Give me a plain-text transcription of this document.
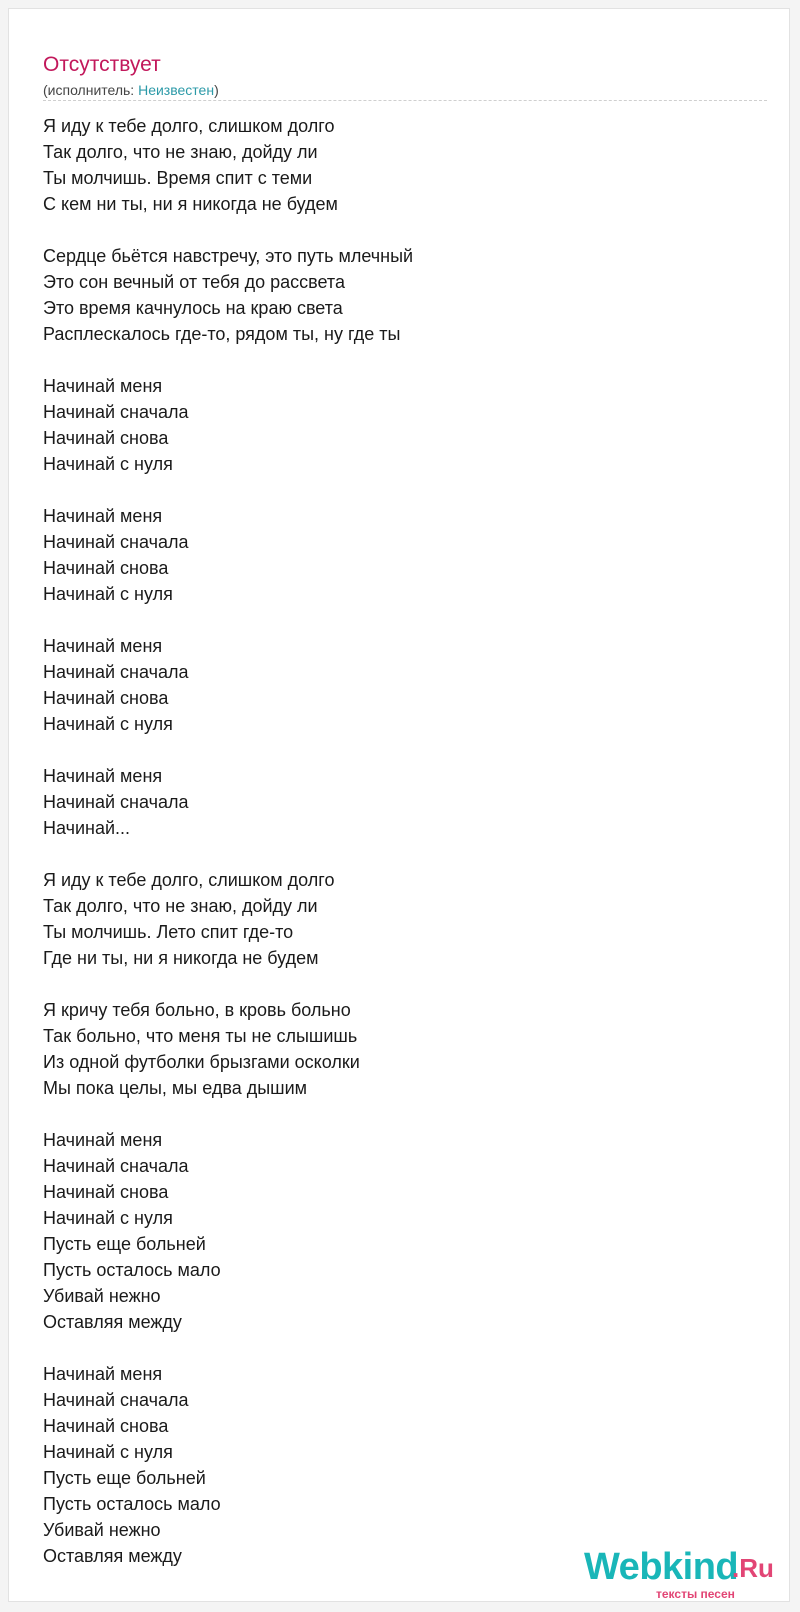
Отсутствует
(исполнитель: Неизвестен)
Я иду к тебе долго, слишком долго
Так долго, что не знаю, дойду ли
Ты молчишь. Время спит с теми
С кем ни ты, ни я никогда не будем
Сердце бьётся навстречу, это путь млечный
Это сон вечный от тебя до рассвета
Это время качнулось на краю света
Расплескалось где-то, рядом ты, ну где ты
Начинай меня
Начинай сначала
Начинай снова
Начинай с нуля
Начинай меня
Начинай сначала
Начинай снова
Начинай с нуля
Начинай меня
Начинай сначала
Начинай снова
Начинай с нуля
Начинай меня
Начинай сначала
Начинай...
Я иду к тебе долго, слишком долго
Так долго, что не знаю, дойду ли
Ты молчишь. Лето спит где-то
Где ни ты, ни я никогда не будем
Я кричу тебя больно, в кровь больно
Так больно, что меня ты не слышишь
Из одной футболки брызгами осколки
Мы пока целы, мы едва дышим
Начинай меня
Начинай сначала
Начинай снова
Начинай с нуля
Пусть еще больней
Пусть осталось мало
Убивай нежно
Оставляя между
Начинай меня
Начинай сначала
Начинай снова
Начинай с нуля
Пусть еще больней
Пусть осталось мало
Убивай нежно
Оставляя между	Webkind
.Ru
тексты песен
